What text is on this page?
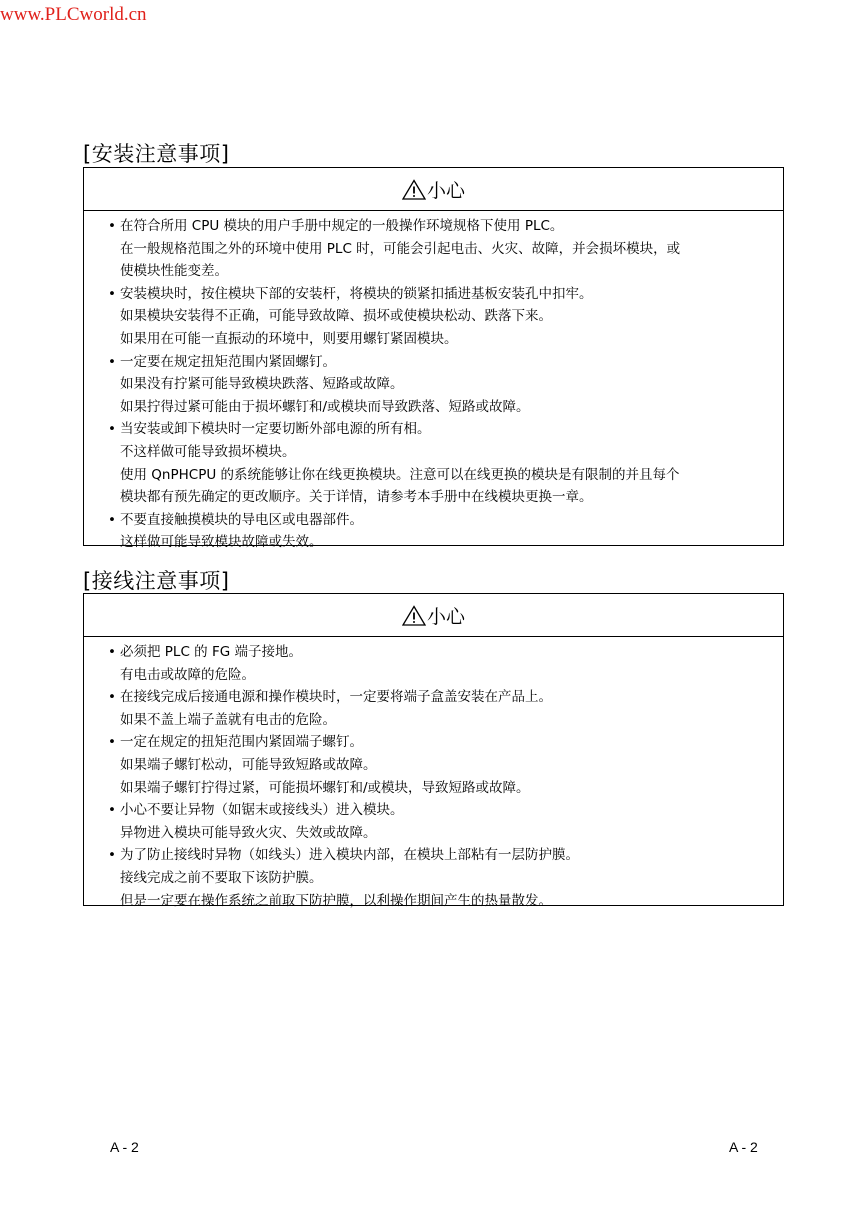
www.PLCworld.cn
[安装注意事项]
小心
• 在符合所用 CPU 模块的用户手册中规定的一般操作环境规格下使用 PLC。
在一般规格范围之外的环境中使用 PLC 时，可能会引起电击、火灾、故障，并会损坏模块，或
使模块性能变差。
• 安装模块时，按住模块下部的安装杆，将模块的锁紧扣插进基板安装孔中扣牢。
如果模块安装得不正确，可能导致故障、损坏或使模块松动、跌落下来。
如果用在可能一直振动的环境中，则要用螺钉紧固模块。
• 一定要在规定扭矩范围内紧固螺钉。
如果没有拧紧可能导致模块跌落、短路或故障。
如果拧得过紧可能由于损坏螺钉和/或模块而导致跌落、短路或故障。
• 当安装或卸下模块时一定要切断外部电源的所有相。
不这样做可能导致损坏模块。
使用 QnPHCPU 的系统能够让你在线更换模块。注意可以在线更换的模块是有限制的并且每个
模块都有预先确定的更改顺序。关于详情，请参考本手册中在线模块更换一章。
• 不要直接触摸模块的导电区或电器部件。
这样做可能导致模块故障或失效。
[接线注意事项]
小心
• 必须把 PLC 的 FG 端子接地。
有电击或故障的危险。
• 在接线完成后接通电源和操作模块时，一定要将端子盒盖安装在产品上。
如果不盖上端子盖就有电击的危险。
• 一定在规定的扭矩范围内紧固端子螺钉。
如果端子螺钉松动，可能导致短路或故障。
如果端子螺钉拧得过紧，可能损坏螺钉和/或模块，导致短路或故障。
• 小心不要让异物（如锯末或接线头）进入模块。
异物进入模块可能导致火灾、失效或故障。
• 为了防止接线时异物（如线头）进入模块内部，在模块上部粘有一层防护膜。
接线完成之前不要取下该防护膜。
但是一定要在操作系统之前取下防护膜，以利操作期间产生的热量散发。
A - 2	A - 2
